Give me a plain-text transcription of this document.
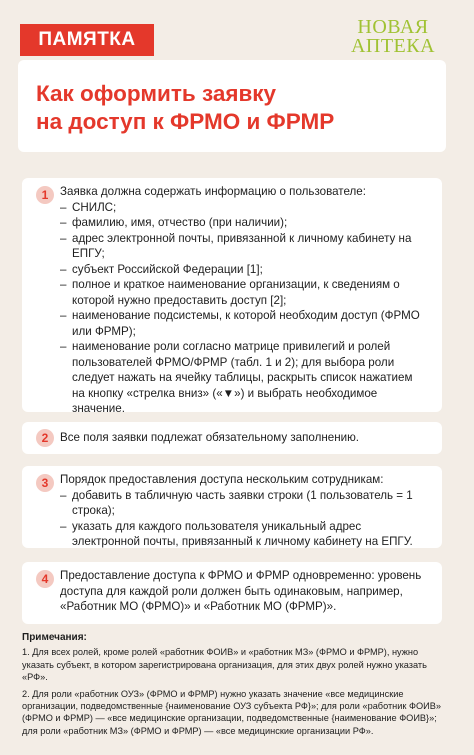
ПАМЯТКА
НОВАЯ
АПТЕКА
Как оформить заявку
на доступ к ФРМО и ФРМР
1	Заявка должна содержать информацию о пользователе:

– СНИЛС;
– фамилию, имя, отчество (при наличии);
– адрес электронной почты, привязанной к личному кабинету на ЕПГУ;
– субъект Российской Федерации [1];
– полное и краткое наименование организации, к сведениям о которой нужно предоставить доступ [2];
– наименование подсистемы, к которой необходим доступ (ФРМО или ФРМР);
– наименование роли согласно матрице привилегий и ролей пользователей ФРМО/ФРМР (табл. 1 и 2); для выбора роли следует нажать на ячейку таблицы, раскрыть список нажатием на кнопку «стрелка вниз» («▼») и выбрать необходимое значение.
2	Все поля заявки подлежат обязательному заполнению.

3	Порядок предоставления доступа нескольким сотрудникам:

– добавить в табличную часть заявки строки (1 пользователь = 1 строка);
– указать для каждого пользователя уникальный адрес электронной почты, привязанный к личному кабинету на ЕПГУ.
4	Предоставление доступа к ФРМО и ФРМР одновременно: уровень доступа для каждой роли должен быть одинаковым, например, «Работник МО (ФРМО)» и «Работник МО (ФРМР)».

Примечания:

1. Для всех ролей, кроме ролей «работник ФОИВ» и «работник МЗ» (ФРМО и ФРМР), нужно указать субъект, в котором зарегистрирована организация, для этих двух ролей нужно указать «РФ».

2. Для роли «работник ОУЗ» (ФРМО и ФРМР) нужно указать значение «все медицинские организации, подведомственные {наименование ОУЗ субъекта РФ}»; для роли «работник ФОИВ» (ФРМО и ФРМР) — «все медицинские организации, подведомственные {наименование ФОИВ}»; для роли «работник МЗ» (ФРМО и ФРМР) — «все медицинские организации РФ».
